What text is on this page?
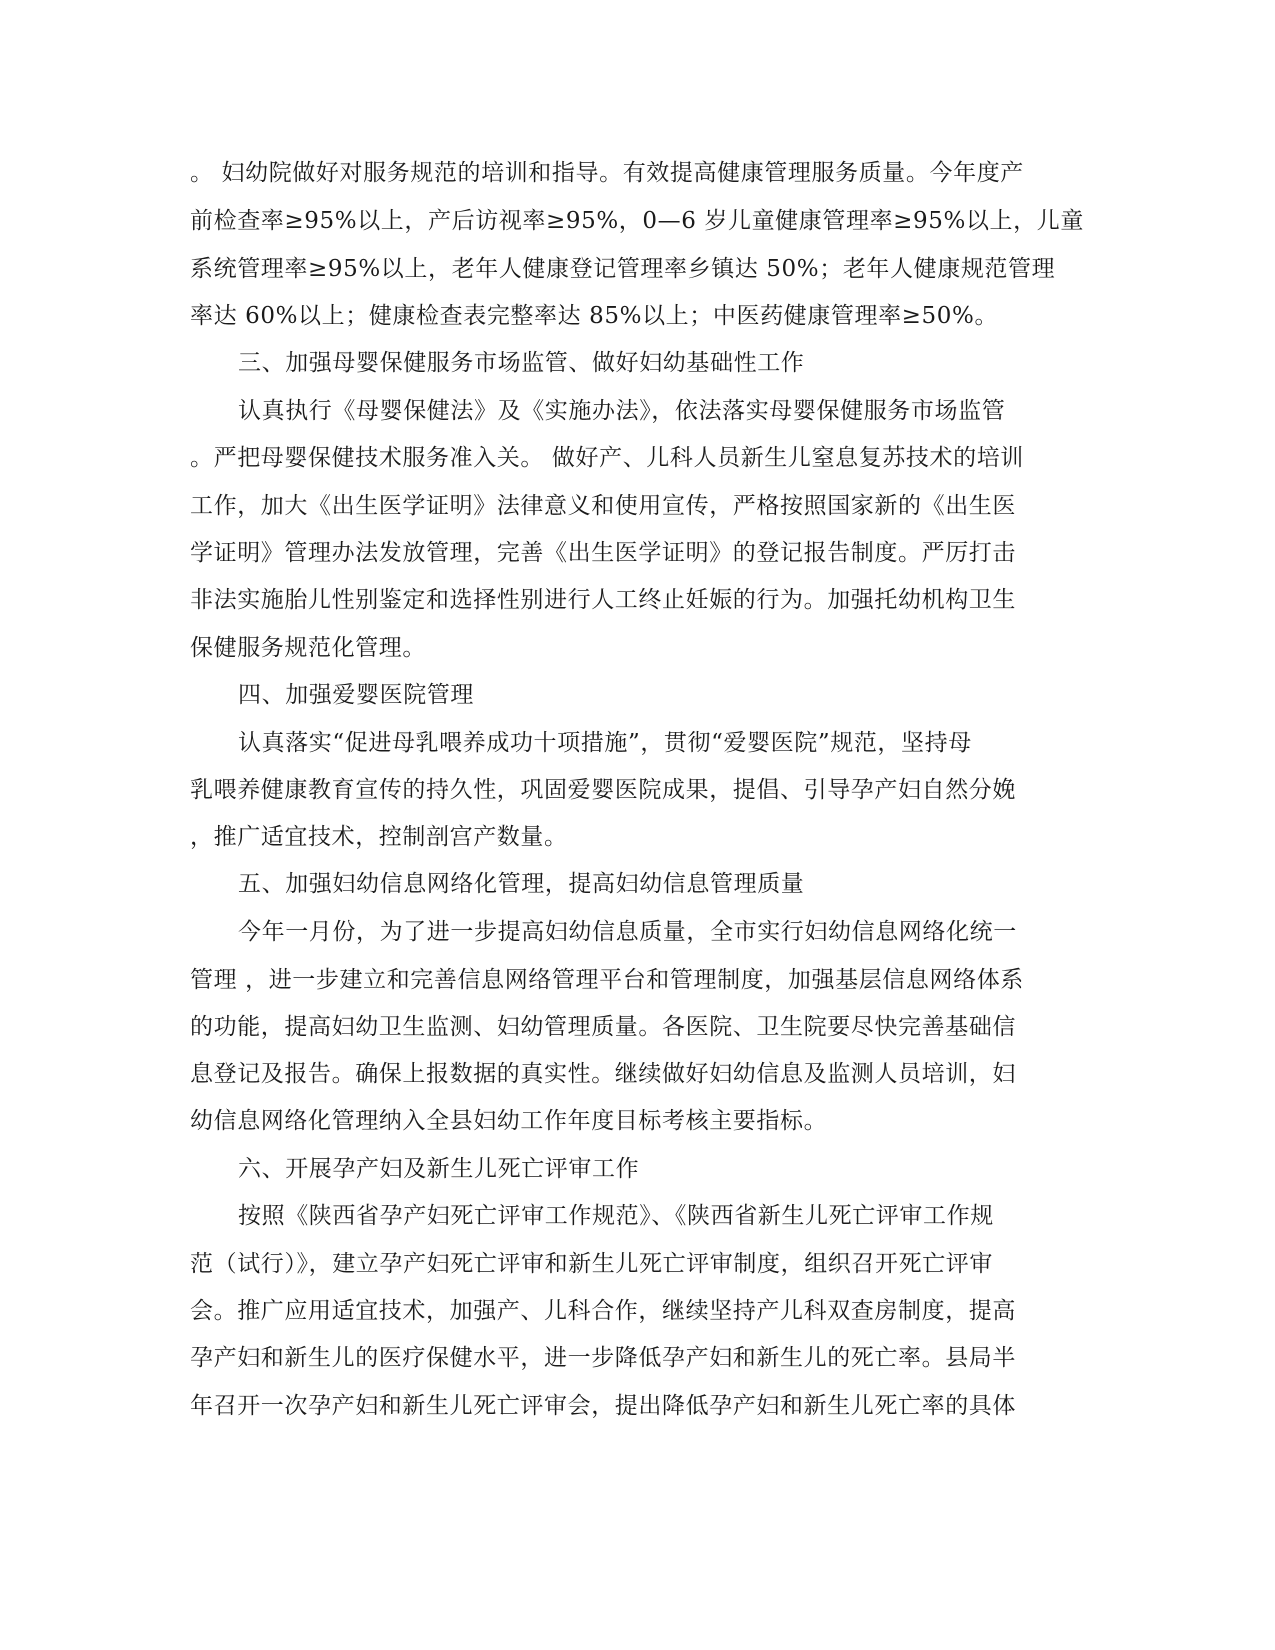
。 妇幼院做好对服务规范的培训和指导。有效提高健康管理服务质量。今年度产
前检查率≥95%以上，产后访视率≥95%，0—6 岁儿童健康管理率≥95%以上，儿童
系统管理率≥95%以上，老年人健康登记管理率乡镇达 50%；老年人健康规范管理
率达 60%以上；健康检查表完整率达 85%以上；中医药健康管理率≥50%。
三、加强母婴保健服务市场监管、做好妇幼基础性工作
认真执行《母婴保健法》及《实施办法》，依法落实母婴保健服务市场监管
。严把母婴保健技术服务准入关。 做好产、儿科人员新生儿窒息复苏技术的培训
工作，加大《出生医学证明》法律意义和使用宣传，严格按照国家新的《出生医
学证明》管理办法发放管理，完善《出生医学证明》的登记报告制度。严厉打击
非法实施胎儿性别鉴定和选择性别进行人工终止妊娠的行为。加强托幼机构卫生
保健服务规范化管理。
四、加强爱婴医院管理
认真落实“促进母乳喂养成功十项措施”，贯彻“爱婴医院”规范，坚持母
乳喂养健康教育宣传的持久性，巩固爱婴医院成果，提倡、引导孕产妇自然分娩
，推广适宜技术，控制剖宫产数量。
五、加强妇幼信息网络化管理，提高妇幼信息管理质量
今年一月份，为了进一步提高妇幼信息质量，全市实行妇幼信息网络化统一
管理 ，进一步建立和完善信息网络管理平台和管理制度，加强基层信息网络体系
的功能，提高妇幼卫生监测、妇幼管理质量。各医院、卫生院要尽快完善基础信
息登记及报告。确保上报数据的真实性。继续做好妇幼信息及监测人员培训，妇
幼信息网络化管理纳入全县妇幼工作年度目标考核主要指标。
六、开展孕产妇及新生儿死亡评审工作
按照《陕西省孕产妇死亡评审工作规范》、《陕西省新生儿死亡评审工作规
范（试行）》，建立孕产妇死亡评审和新生儿死亡评审制度，组织召开死亡评审
会。推广应用适宜技术，加强产、儿科合作，继续坚持产儿科双查房制度，提高
孕产妇和新生儿的医疗保健水平，进一步降低孕产妇和新生儿的死亡率。县局半
年召开一次孕产妇和新生儿死亡评审会，提出降低孕产妇和新生儿死亡率的具体
